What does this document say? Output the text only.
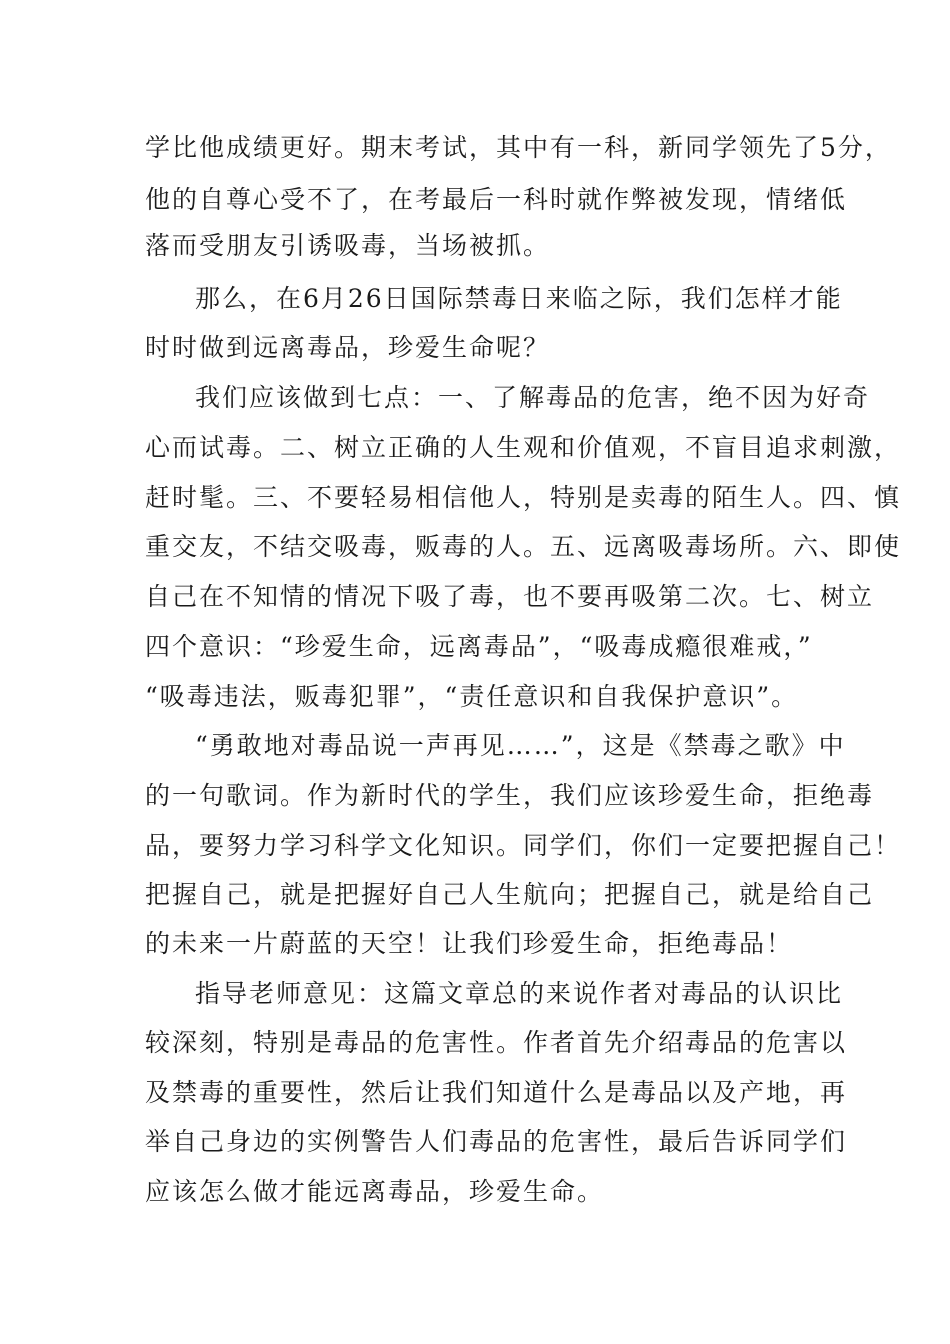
学比他成绩更好。期末考试，其中有一科，新同学领先了5分，
他的自尊心受不了，在考最后一科时就作弊被发现，情绪低
落而受朋友引诱吸毒，当场被抓。
那么，在6月26日国际禁毒日来临之际，我们怎样才能
时时做到远离毒品，珍爱生命呢？
我们应该做到七点：一、了解毒品的危害，绝不因为好奇
心而试毒。二、树立正确的人生观和价值观，不盲目追求刺激，
赶时髦。三、不要轻易相信他人，特别是卖毒的陌生人。四、慎
重交友，不结交吸毒，贩毒的人。五、远离吸毒场所。六、即使
自己在不知情的情况下吸了毒，也不要再吸第二次。七、树立
四个意识：“珍爱生命，远离毒品”，“吸毒成瘾很难戒，”
“吸毒违法，贩毒犯罪”，“责任意识和自我保护意识”。
“勇敢地对毒品说一声再见……”，这是《禁毒之歌》中
的一句歌词。作为新时代的学生，我们应该珍爱生命，拒绝毒
品，要努力学习科学文化知识。同学们，你们一定要把握自己！
把握自己，就是把握好自己人生航向；把握自己，就是给自己
的未来一片蔚蓝的天空！让我们珍爱生命，拒绝毒品！
指导老师意见：这篇文章总的来说作者对毒品的认识比
较深刻，特别是毒品的危害性。作者首先介绍毒品的危害以
及禁毒的重要性，然后让我们知道什么是毒品以及产地，再
举自己身边的实例警告人们毒品的危害性，最后告诉同学们
应该怎么做才能远离毒品，珍爱生命。
